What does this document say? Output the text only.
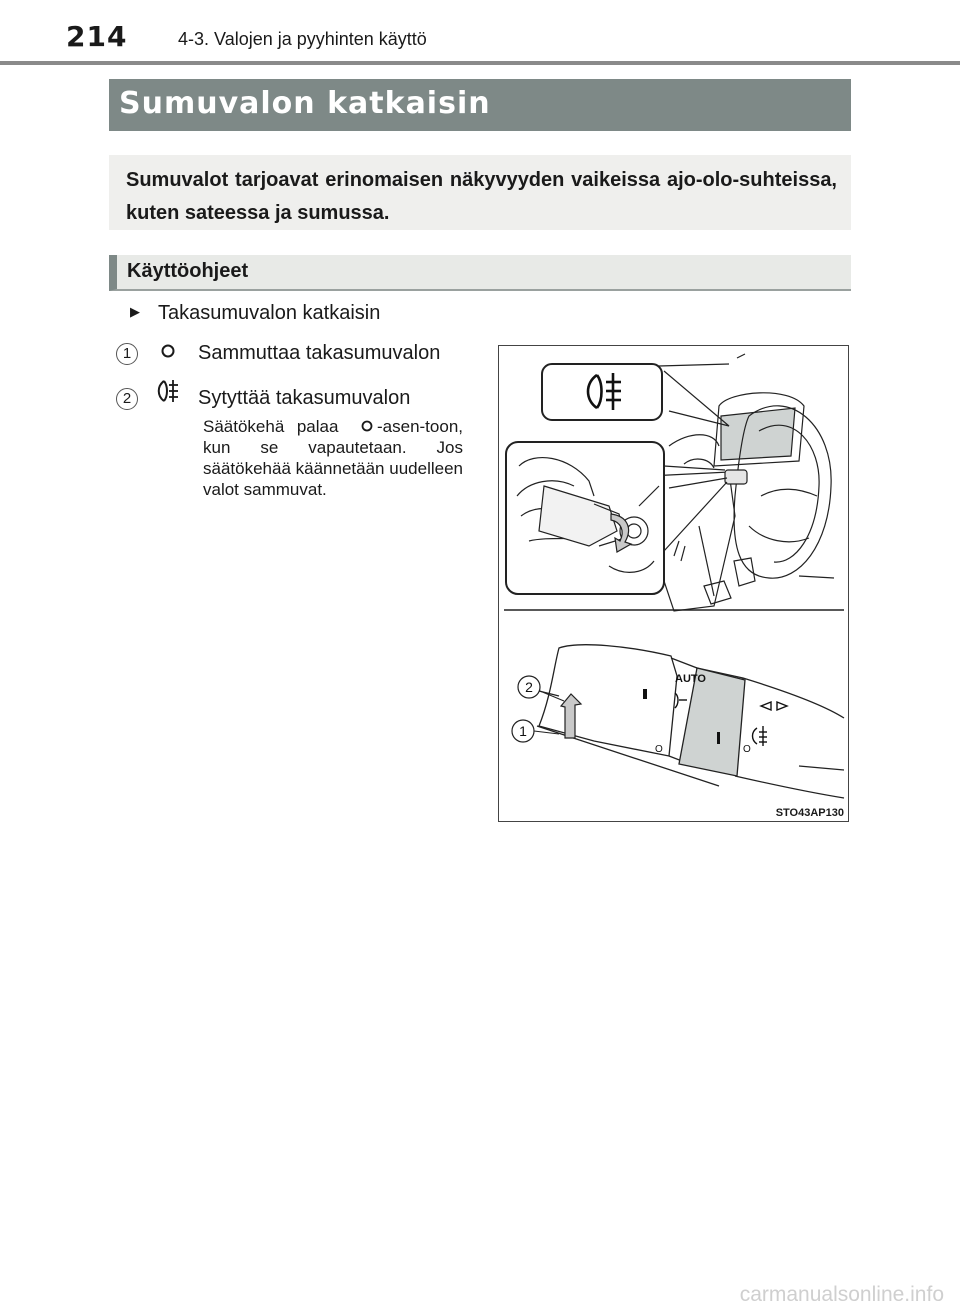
214	4-3. Valojen ja pyyhinten käyttö
Sumuvalon katkaisin
Sumuvalot tarjoavat erinomaisen näkyvyyden vaikeissa ajo-olo-suhteissa, kuten sateessa ja sumussa.
Käyttöohjeet
▶ Takasumuvalon katkaisin
1	Sammuttaa takasumuvalon
2	Sytyttää takasumuvalon
Säätökehä palaa -asen-toon, kun se vapautetaan. Jos säätökehää käännetään uudelleen valot sammuvat.
AUTO
O	O
2
1
STO43AP130
carmanualsonline.info
